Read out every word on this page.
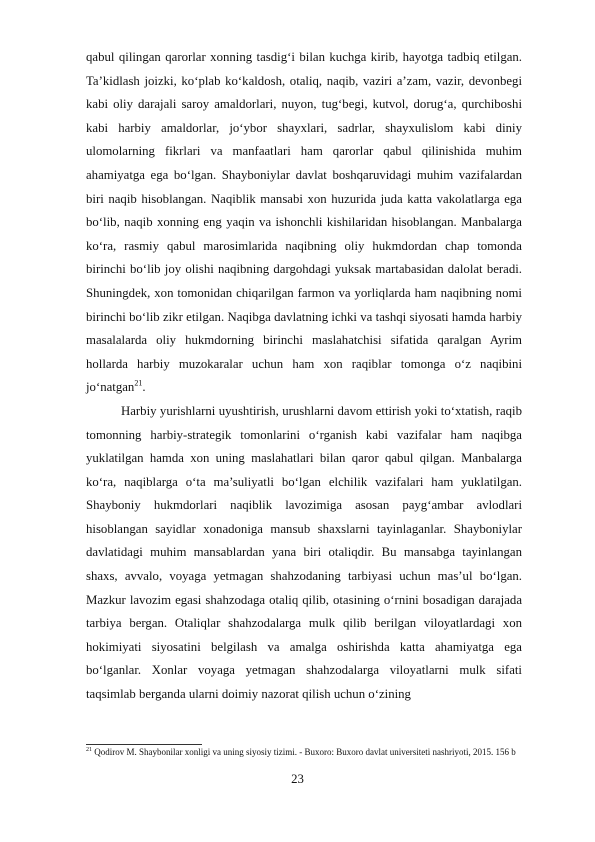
qabul qilingan qarorlar xonning tasdig‘i bilan kuchga kirib, hayotga tadbiq etilgan. Ta’kidlash joizki, ko‘plab ko‘kaldosh, otaliq, naqib, vaziri a’zam, vazir, devonbegi kabi oliy darajali saroy amaldorlari, nuyon, tug‘begi, kutvol, dorug‘a, qurchiboshi kabi harbiy amaldorlar, jo‘ybor shayxlari, sadrlar, shayxulislom kabi diniy ulomolarning fikrlari va manfaatlari ham qarorlar qabul qilinishida muhim ahamiyatga ega bo‘lgan. Shayboniylar davlat boshqaruvidagi muhim vazifalardan biri naqib hisoblangan. Naqiblik mansabi xon huzurida juda katta vakolatlarga ega bo‘lib, naqib xonning eng yaqin va ishonchli kishilaridan hisoblangan. Manbalarga ko‘ra, rasmiy qabul marosimlarida naqibning oliy hukmdordan chap tomonda birinchi bo‘lib joy olishi naqibning dargohdagi yuksak martabasidan dalolat beradi. Shuningdek, xon tomonidan chiqarilgan farmon va yorliqlarda ham naqibning nomi birinchi bo‘lib zikr etilgan. Naqibga davlatning ichki va tashqi siyosati hamda harbiy masalalarda oliy hukmdorning birinchi maslahatchisi sifatida qaralgan Ayrim hollarda harbiy muzokaralar uchun ham xon raqiblar tomonga o‘z naqibini jo‘natgan$^{21}$.

Harbiy yurishlarni uyushtirish, urushlarni davom ettirish yoki to‘xtatish, raqib tomonning harbiy-strategik tomonlarini o‘rganish kabi vazifalar ham naqibga yuklatilgan hamda xon uning maslahatlari bilan qaror qabul qilgan. Manbalarga ko‘ra, naqiblarga o‘ta ma’suliyatli bo‘lgan elchilik vazifalari ham yuklatilgan. Shayboniy hukmdorlari naqiblik lavozimiga asosan payg‘ambar avlodlari hisoblangan sayidlar xonadoniga mansub shaxslarni tayinlaganlar. Shayboniylar davlatidagi muhim mansablardan yana biri otaliqdir. Bu mansabga tayinlangan shaxs, avvalo, voyaga yetmagan shahzodaning tarbiyasi uchun mas’ul bo‘lgan. Mazkur lavozim egasi shahzodaga otaliq qilib, otasining o‘rnini bosadigan darajada tarbiya bergan. Otaliqlar shahzodalarga mulk qilib berilgan viloyatlardagi xon hokimiyati siyosatini belgilash va amalga oshirishda katta ahamiyatga ega bo‘lganlar. Xonlar voyaga yetmagan shahzodalarga viloyatlarni mulk sifati taqsimlab berganda ularni doimiy nazorat qilish uchun o‘zining

$^{21}$ Qodirov M. Shaybonilar xonligi va uning siyosiy tizimi. - Buxoro: Buxoro davlat universiteti nashriyoti, 2015. 156 b
23
